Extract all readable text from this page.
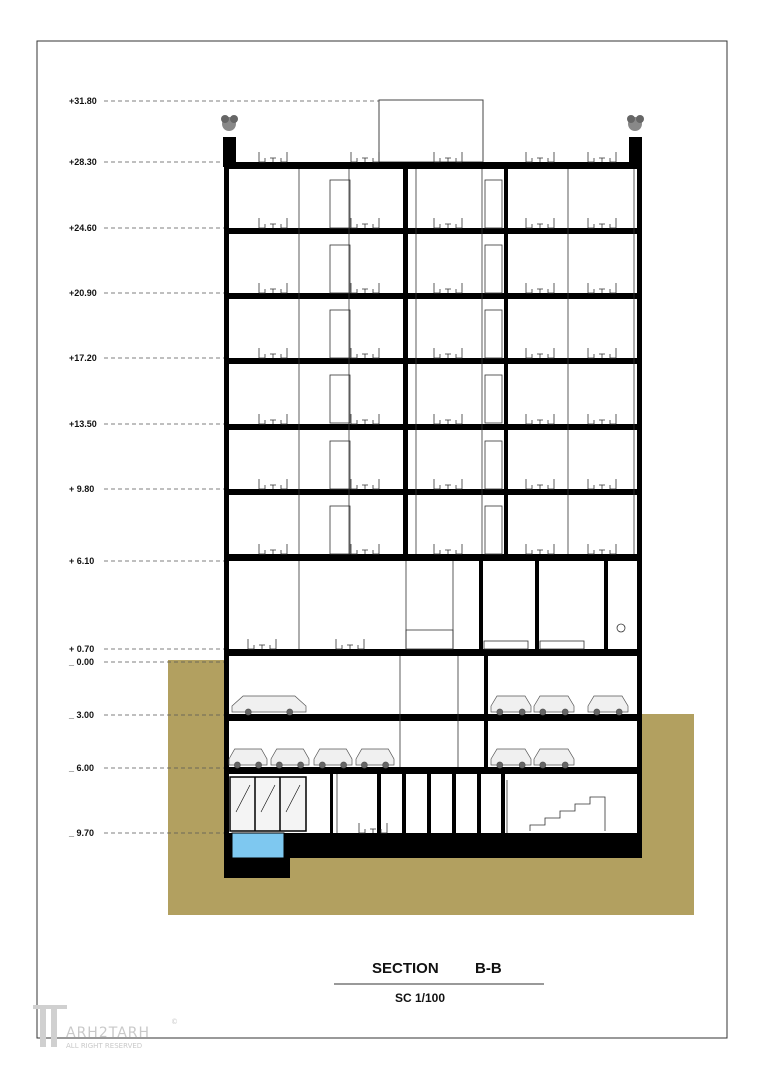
+31.80
+28.30
+24.60
+20.90
+17.20
+13.50
+ 9.80
+ 6.10
+ 0.70
_ 0.00
_ 3.00
_ 6.00
_ 9.70
SECTION B-B
SC 1/100
ARH2TARH
ALL RIGHT RESERVED
©
